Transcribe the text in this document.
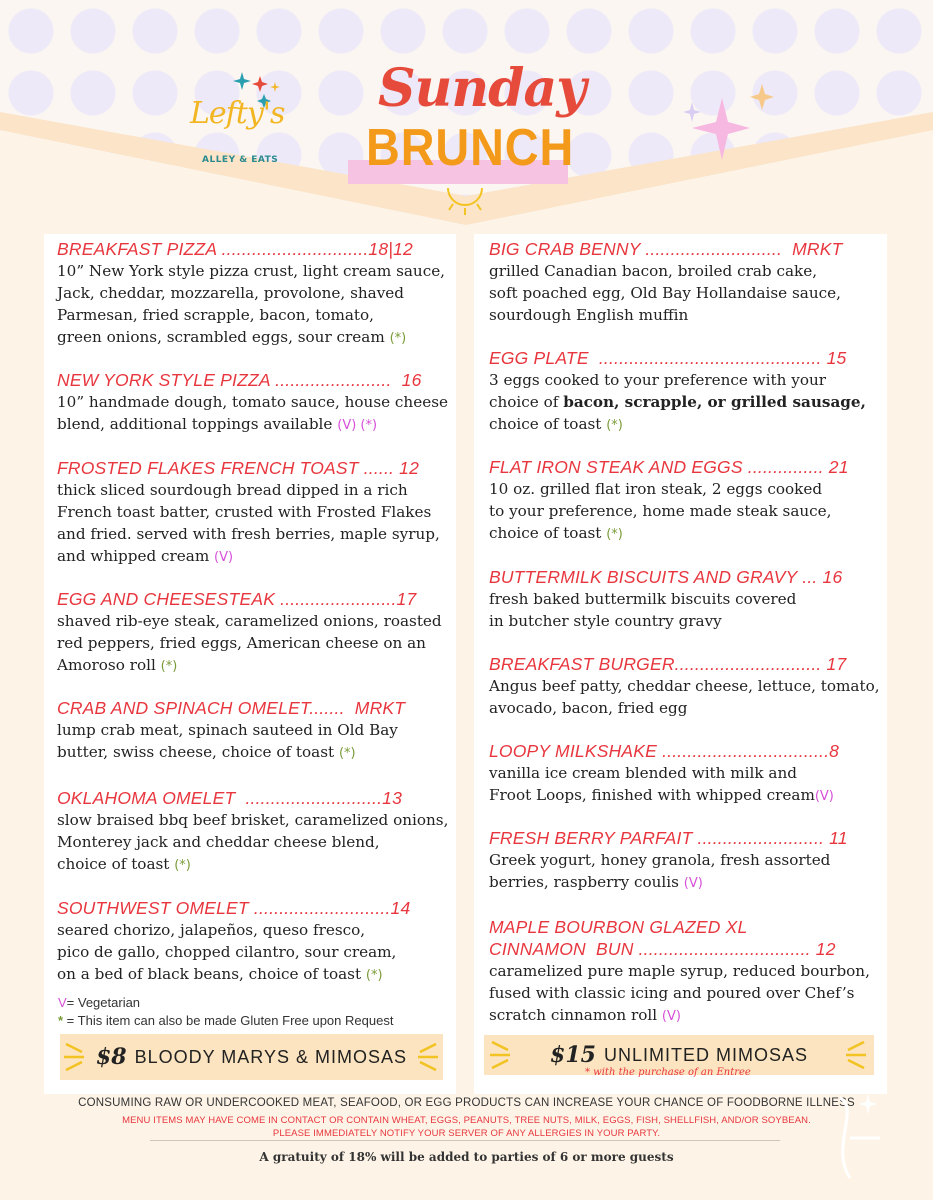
Lefty's
ALLEY & EATS
Sunday
BRUNCH
BREAKFAST PIZZA .............................18|12
10” New York style pizza crust, light cream sauce,
Jack, cheddar, mozzarella, provolone, shaved
Parmesan, fried scrapple, bacon, tomato,
green onions, scrambled eggs, sour cream (*)
NEW YORK STYLE PIZZA .......................  16
10” handmade dough, tomato sauce, house cheese
blend, additional toppings available (V) (*)
FROSTED FLAKES FRENCH TOAST ...... 12
thick sliced sourdough bread dipped in a rich
French toast batter, crusted with Frosted Flakes
and fried. served with fresh berries, maple syrup,
and whipped cream (V)
EGG AND CHEESESTEAK .......................17
shaved rib-eye steak, caramelized onions, roasted
red peppers, fried eggs, American cheese on an
Amoroso roll (*)
CRAB AND SPINACH OMELET.......  MRKT
lump crab meat, spinach sauteed in Old Bay
butter, swiss cheese, choice of toast (*)
OKLAHOMA OMELET  ...........................13
slow braised bbq beef brisket, caramelized onions,
Monterey jack and cheddar cheese blend,
choice of toast (*)
SOUTHWEST OMELET ...........................14
seared chorizo, jalapeños, queso fresco,
pico de gallo, chopped cilantro, sour cream,
on a bed of black beans, choice of toast (*)
V= Vegetarian
* = This item can also be made Gluten Free upon Request
$8 BLOODY MARYS & MIMOSAS
BIG CRAB BENNY ...........................  MRKT
grilled Canadian bacon, broiled crab cake,
soft poached egg, Old Bay Hollandaise sauce,
sourdough English muffin
EGG PLATE  ............................................ 15
3 eggs cooked to your preference with your
choice of bacon, scrapple, or grilled sausage,
choice of toast (*)
FLAT IRON STEAK AND EGGS ............... 21
10 oz. grilled flat iron steak, 2 eggs cooked
to your preference, home made steak sauce,
choice of toast (*)
BUTTERMILK BISCUITS AND GRAVY ... 16
fresh baked buttermilk biscuits covered
in butcher style country gravy
BREAKFAST BURGER............................. 17
Angus beef patty, cheddar cheese, lettuce, tomato,
avocado, bacon, fried egg
LOOPY MILKSHAKE .................................8
vanilla ice cream blended with milk and
Froot Loops, finished with whipped cream(V)
FRESH BERRY PARFAIT ......................... 11
Greek yogurt, honey granola, fresh assorted
berries, raspberry coulis (V)
MAPLE BOURBON GLAZED XL
CINNAMON  BUN .................................. 12
caramelized pure maple syrup, reduced bourbon,
fused with classic icing and poured over Chef’s
scratch cinnamon roll (V)
$15 UNLIMITED MIMOSAS
* with the purchase of an Entree
CONSUMING RAW OR UNDERCOOKED MEAT, SEAFOOD, OR EGG PRODUCTS CAN INCREASE YOUR CHANCE OF FOODBORNE ILLNESS
MENU ITEMS MAY HAVE COME IN CONTACT OR CONTAIN WHEAT, EGGS, PEANUTS, TREE NUTS, MILK, EGGS, FISH, SHELLFISH, AND/OR SOYBEAN.
PLEASE IMMEDIATELY NOTIFY YOUR SERVER OF ANY ALLERGIES IN YOUR PARTY.
A gratuity of 18% will be added to parties of 6 or more guests
